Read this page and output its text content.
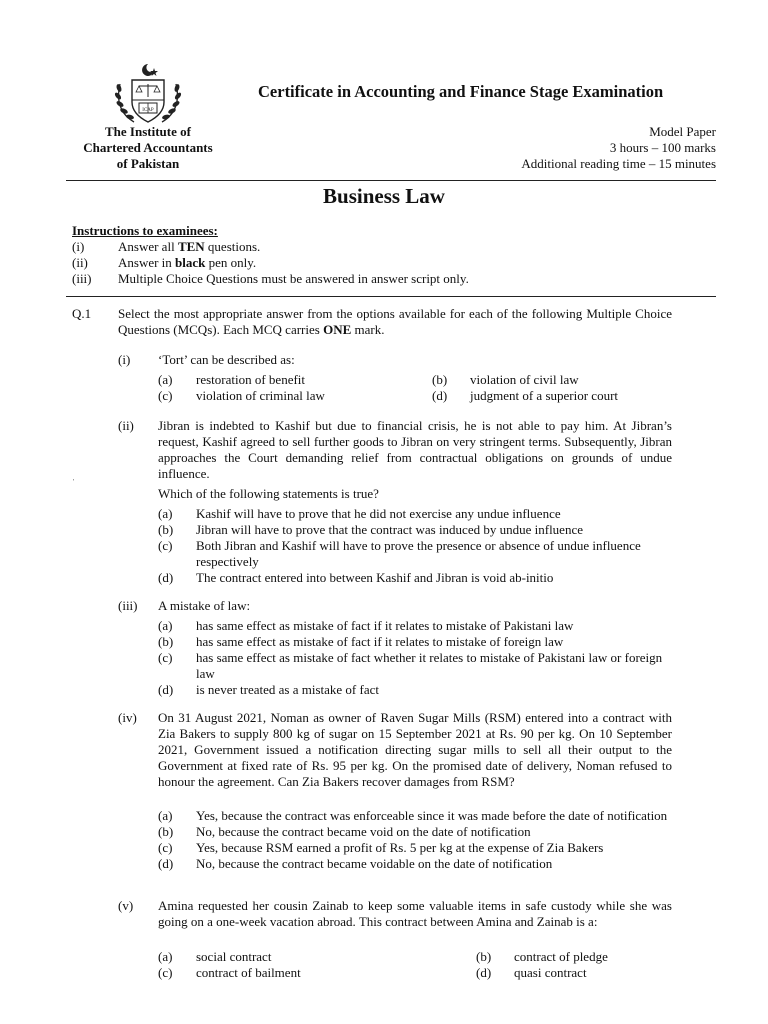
ICAP
The Institute of
Chartered Accountants
of Pakistan
Certificate in Accounting and Finance Stage Examination
Model Paper
3 hours – 100 marks
Additional reading time – 15 minutes
Business Law
Instructions to examinees:
(i)	Answer all TEN questions.
(ii)	Answer in black pen only.
(iii)	Multiple Choice Questions must be answered in answer script only.
Q.1 Select the most appropriate answer from the options available for each of the following Multiple Choice Questions (MCQs). Each MCQ carries ONE mark.
(i) ‘Tort’ can be described as:
(a) restoration of benefit	(b) violation of civil law
(c) violation of criminal law	(d) judgment of a superior court
(ii) Jibran is indebted to Kashif but due to financial crisis, he is not able to pay him. At Jibran’s request, Kashif agreed to sell further goods to Jibran on very stringent terms. Subsequently, Jibran approaches the Court demanding relief from contractual obligations on grounds of undue influence.
Which of the following statements is true?
'
(a) Kashif will have to prove that he did not exercise any undue influence
(b) Jibran will have to prove that the contract was induced by undue influence
(c) Both Jibran and Kashif will have to prove the presence or absence of undue influence respectively
(d) The contract entered into between Kashif and Jibran is void ab-initio
(iii) A mistake of law:
(a) has same effect as mistake of fact if it relates to mistake of Pakistani law
(b) has same effect as mistake of fact if it relates to mistake of foreign law
(c) has same effect as mistake of fact whether it relates to mistake of Pakistani law or foreign law
(d) is never treated as a mistake of fact
(iv) On 31 August 2021, Noman as owner of Raven Sugar Mills (RSM) entered into a contract with Zia Bakers to supply 800 kg of sugar on 15 September 2021 at Rs. 90 per kg. On 10 September 2021, Government issued a notification directing sugar mills to sell all their output to the Government at fixed rate of Rs. 95 per kg. On the promised date of delivery, Noman refused to honour the agreement. Can Zia Bakers recover damages from RSM?
(a) Yes, because the contract was enforceable since it was made before the date of notification
(b) No, because the contract became void on the date of notification
(c) Yes, because RSM earned a profit of Rs. 5 per kg at the expense of Zia Bakers
(d) No, because the contract became voidable on the date of notification
(v) Amina requested her cousin Zainab to keep some valuable items in safe custody while she was going on a one-week vacation abroad. This contract between Amina and Zainab is a:
(a) social contract	(b) contract of pledge
(c) contract of bailment	(d) quasi contract
